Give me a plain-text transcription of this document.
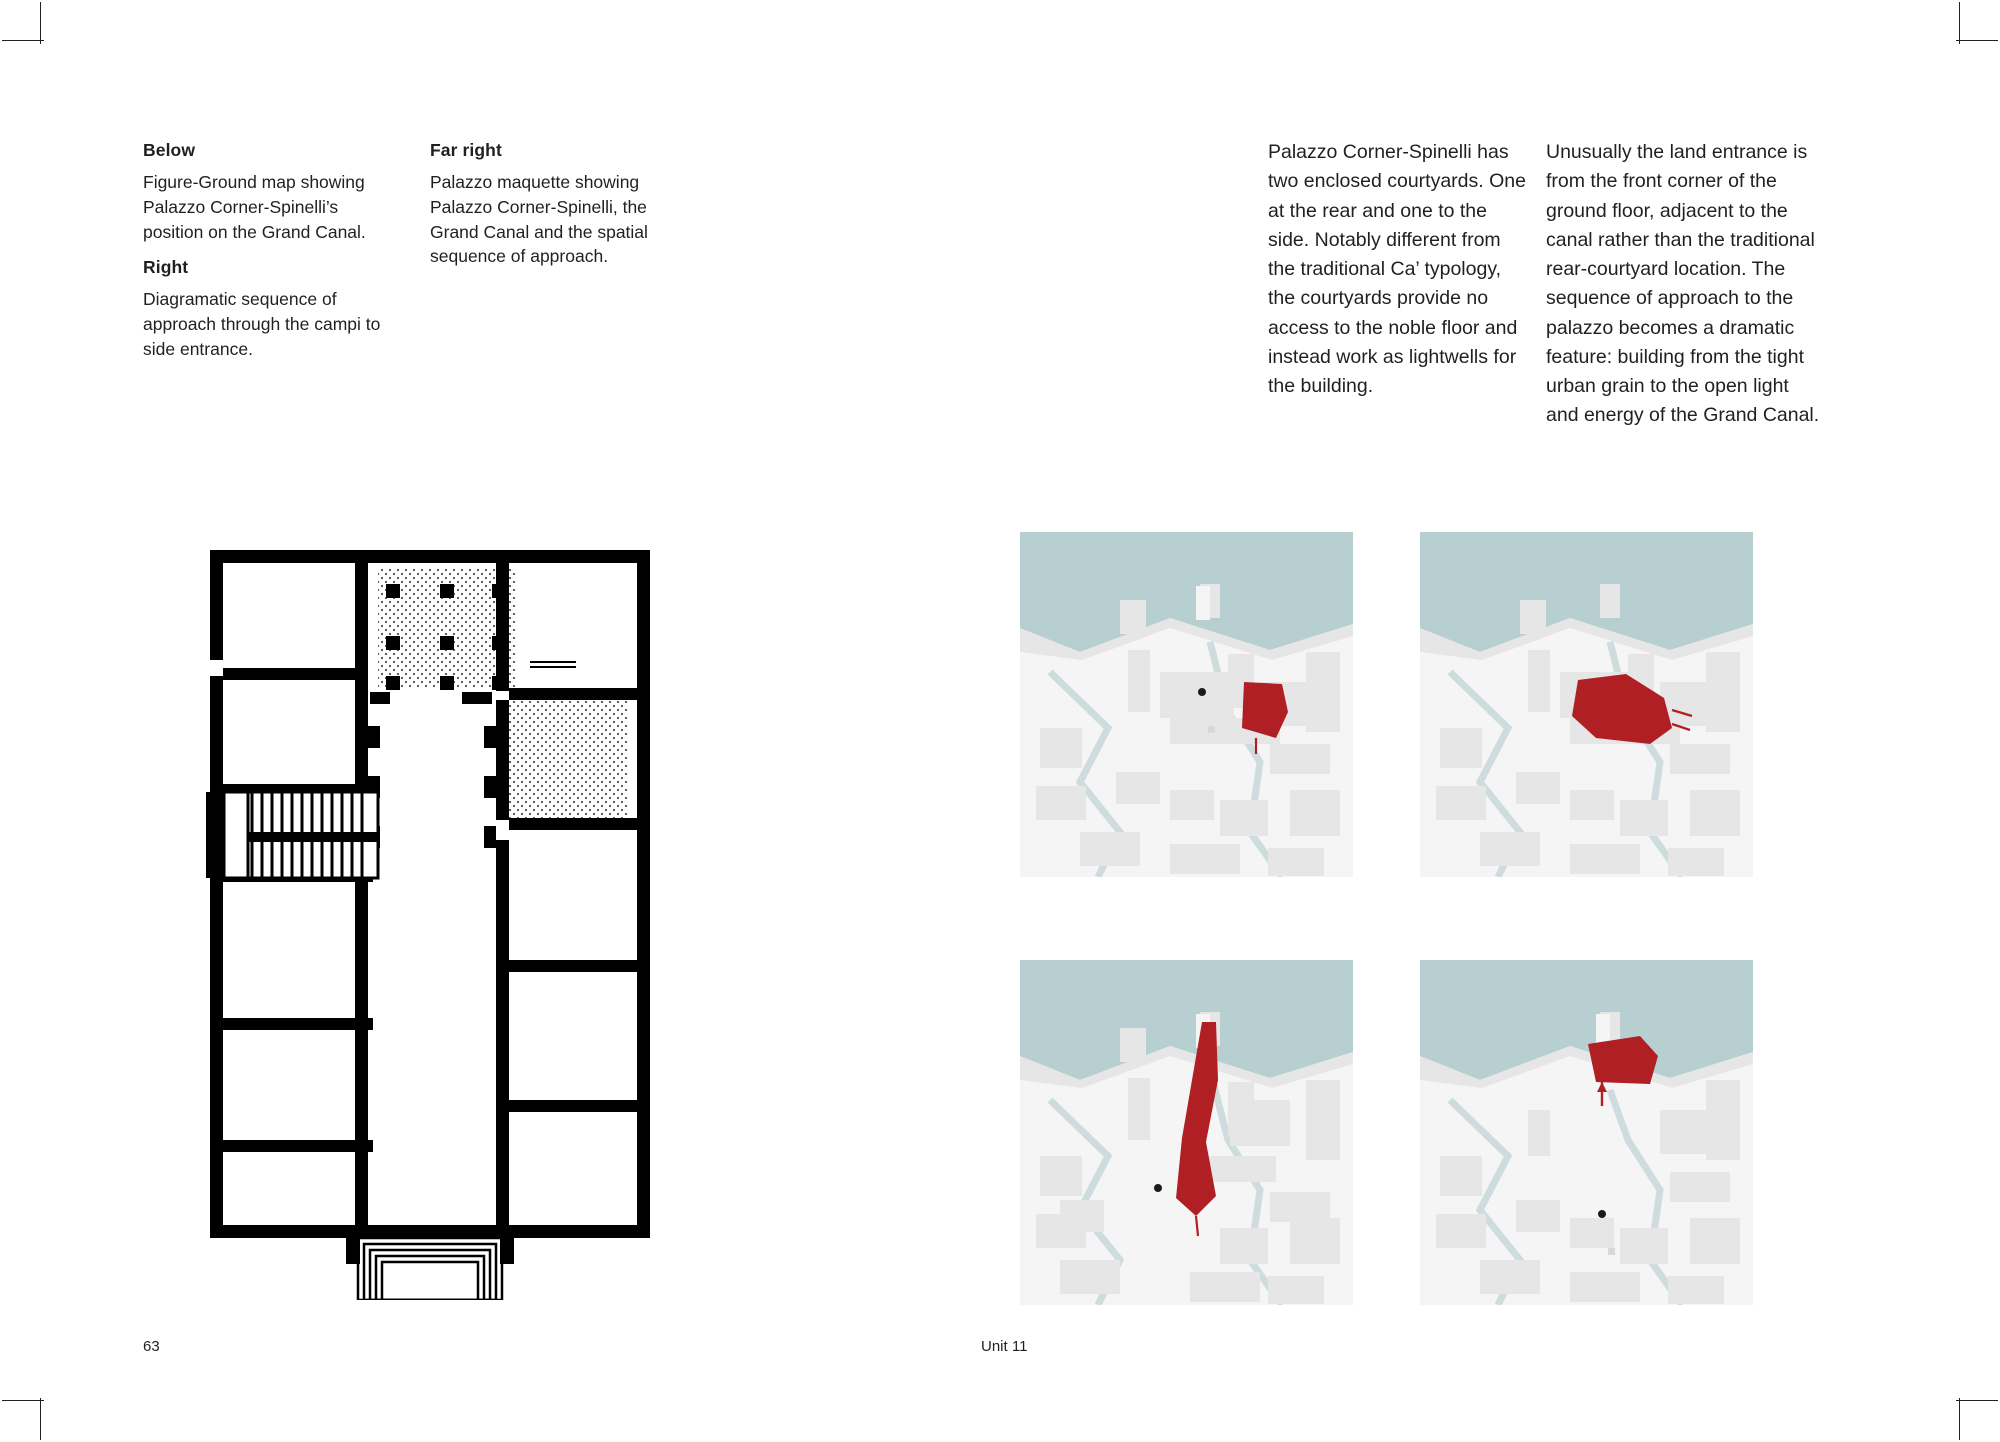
Below

Figure-Ground map showing Palazzo Corner-Spinelli’s position on the Grand Canal.

Right

Diagramatic sequence of approach through the campi to side entrance.

Far right

Palazzo maquette showing Palazzo Corner-Spinelli, the Grand Canal and the spatial sequence of approach.

Palazzo Corner-Spinelli has two enclosed courtyards. One at the rear and one to the side. Notably different from the traditional Ca’ typology, the courtyards provide no access to the noble floor and instead work as lightwells for the building.

Unusually the land entrance is from the front corner of the ground floor, adjacent to the canal rather than the traditional rear-courtyard location. The sequence of approach to the palazzo becomes a dramatic feature: building from the tight urban grain to the open light and energy of the Grand Canal.

63	Unit 11
